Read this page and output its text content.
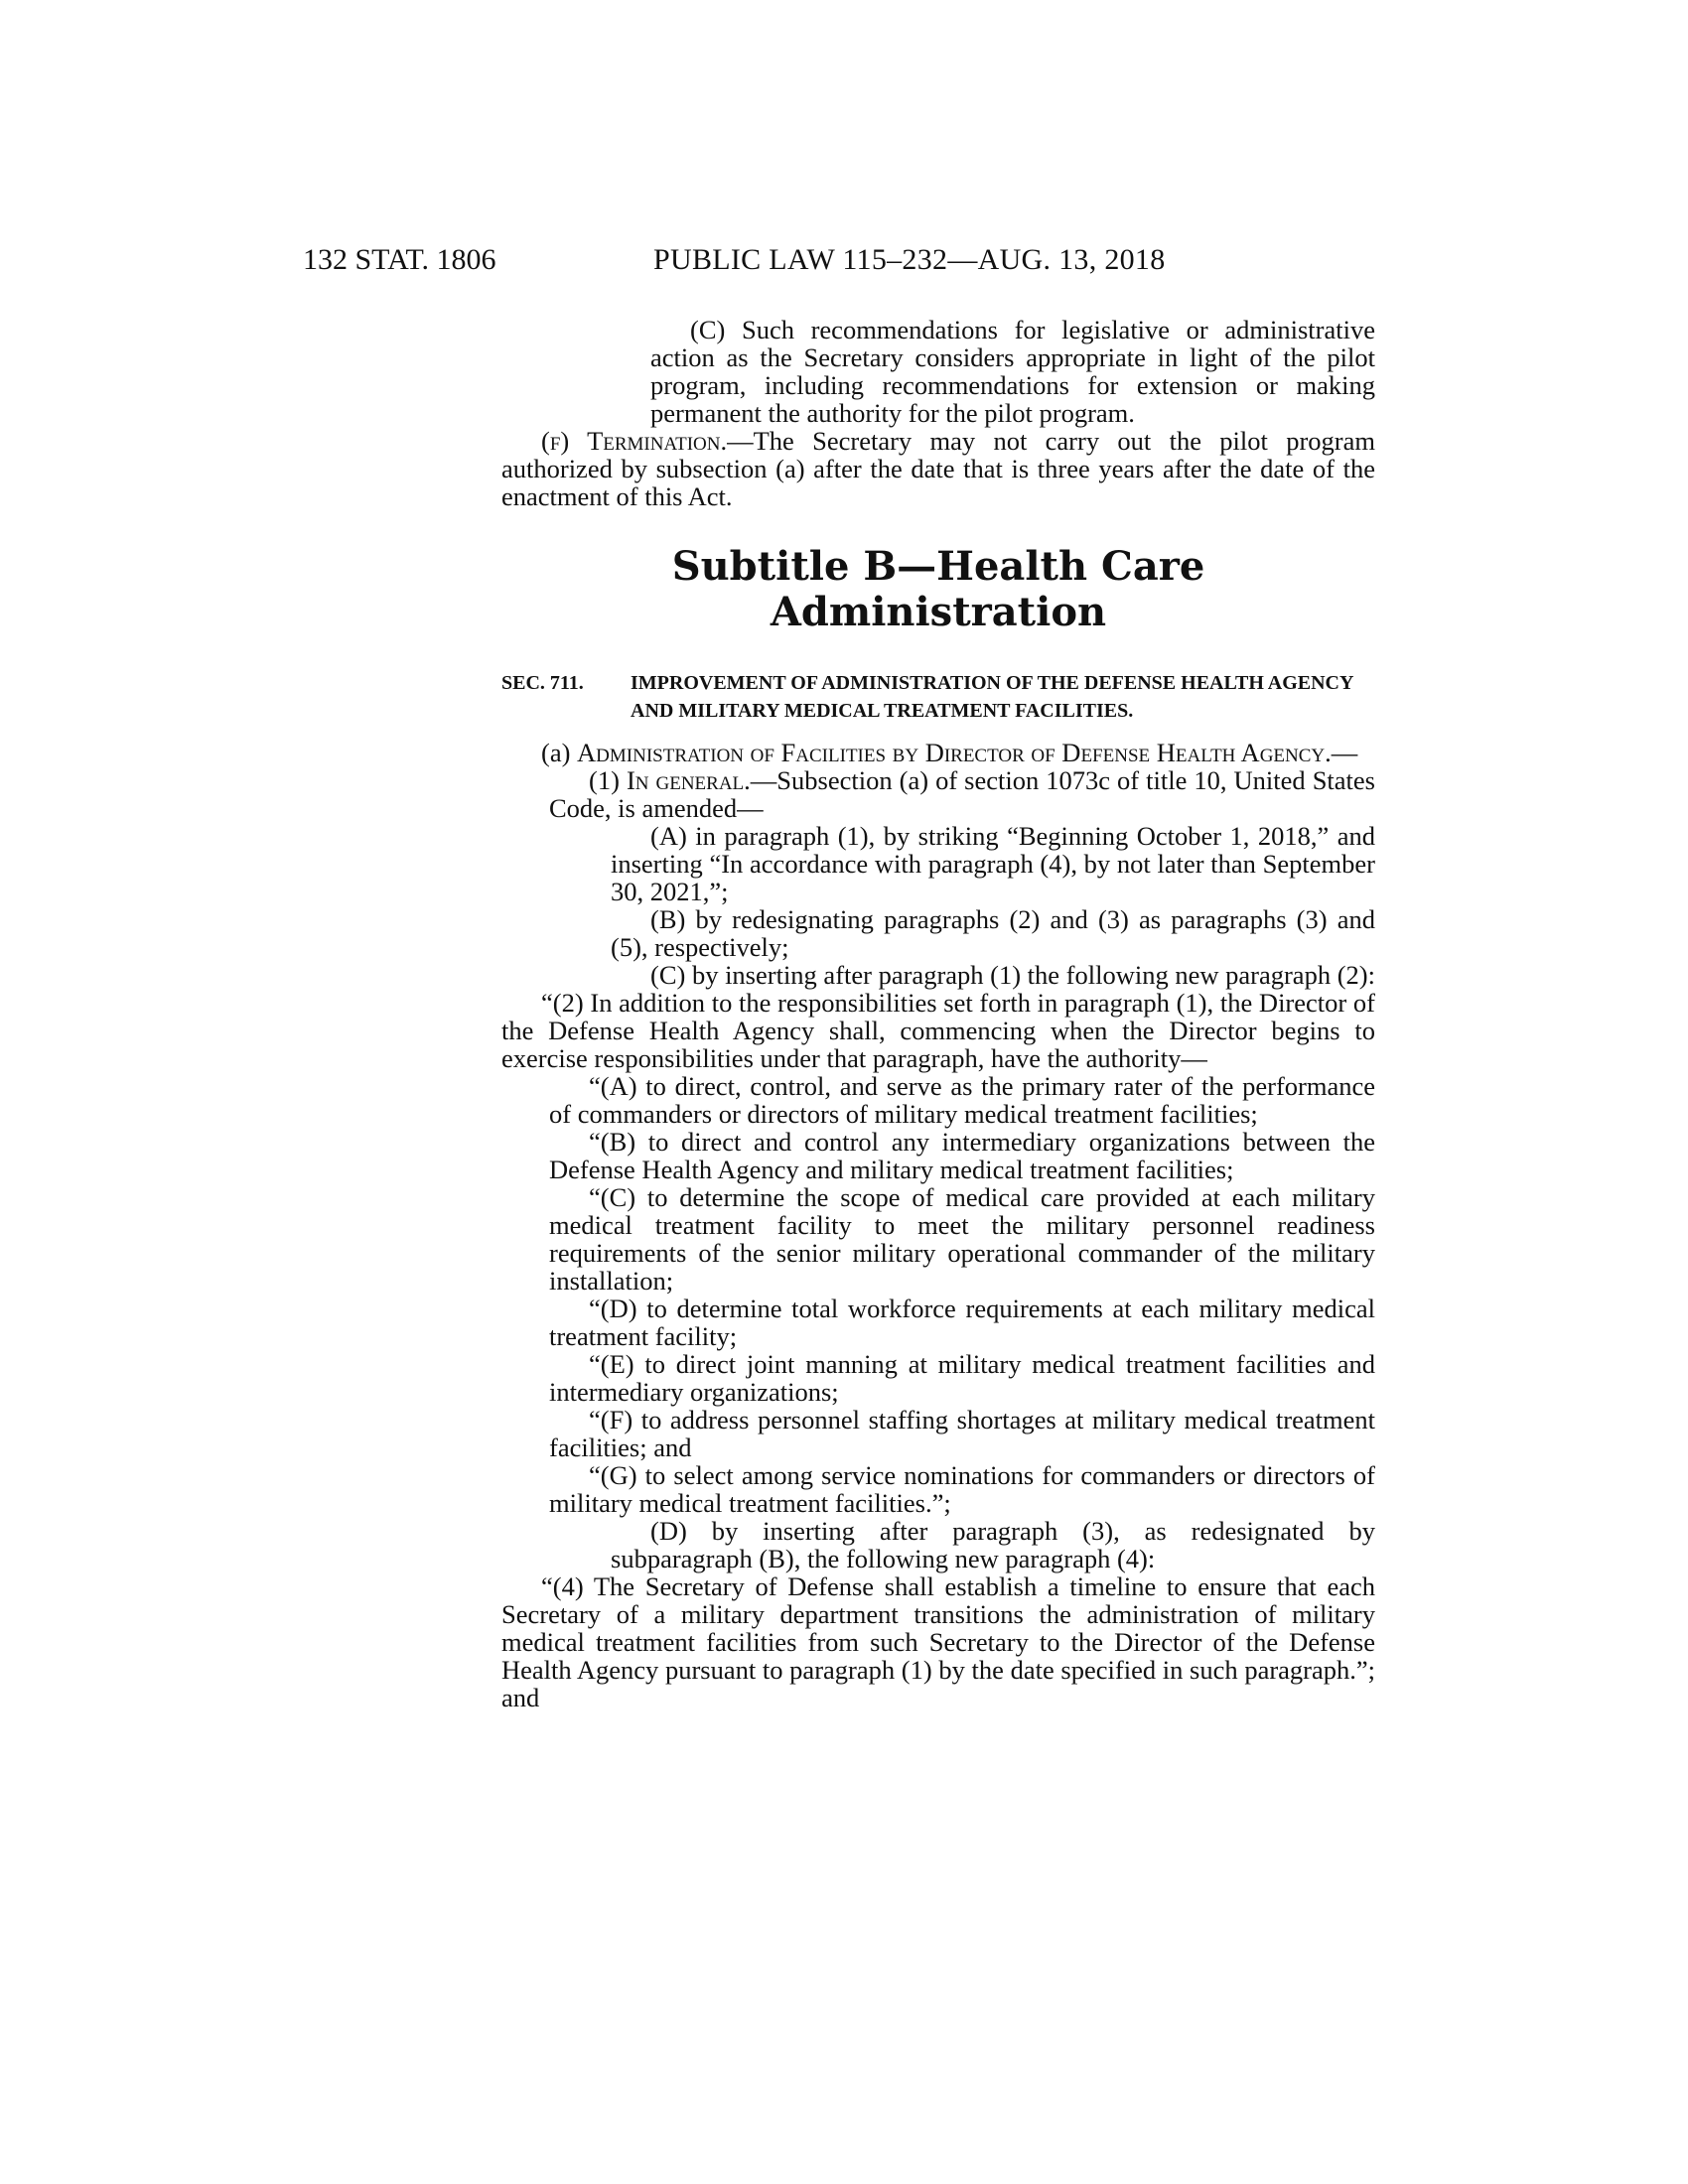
132 STAT. 1806	PUBLIC LAW 115–232—AUG. 13, 2018

(C) Such recommendations for legislative or administrative action as the Secretary considers appropriate in light of the pilot program, including recommendations for extension or making permanent the authority for the pilot program.

(f) Termination.—The Secretary may not carry out the pilot program authorized by subsection (a) after the date that is three years after the date of the enactment of this Act.

Subtitle B—Health Care Administration
SEC. 711. IMPROVEMENT OF ADMINISTRATION OF THE DEFENSE HEALTH AGENCY AND MILITARY MEDICAL TREATMENT FACILITIES.

(a) Administration of Facilities by Director of Defense Health Agency.—

(1) In general.—Subsection (a) of section 1073c of title 10, United States Code, is amended—

(A) in paragraph (1), by striking “Beginning October 1, 2018,” and inserting “In accordance with paragraph (4), by not later than September 30, 2021,”;

(B) by redesignating paragraphs (2) and (3) as paragraphs (3) and (5), respectively;

(C) by inserting after paragraph (1) the following new paragraph (2):

“(2) In addition to the responsibilities set forth in paragraph (1), the Director of the Defense Health Agency shall, commencing when the Director begins to exercise responsibilities under that paragraph, have the authority—

“(A) to direct, control, and serve as the primary rater of the performance of commanders or directors of military medical treatment facilities;

“(B) to direct and control any intermediary organizations between the Defense Health Agency and military medical treatment facilities;

“(C) to determine the scope of medical care provided at each military medical treatment facility to meet the military personnel readiness requirements of the senior military operational commander of the military installation;

“(D) to determine total workforce requirements at each military medical treatment facility;

“(E) to direct joint manning at military medical treatment facilities and intermediary organizations;

“(F) to address personnel staffing shortages at military medical treatment facilities; and

“(G) to select among service nominations for commanders or directors of military medical treatment facilities.”;

(D) by inserting after paragraph (3), as redesignated by subparagraph (B), the following new paragraph (4):

“(4) The Secretary of Defense shall establish a timeline to ensure that each Secretary of a military department transitions the administration of military medical treatment facilities from such Secretary to the Director of the Defense Health Agency pursuant to paragraph (1) by the date specified in such paragraph.”; and
